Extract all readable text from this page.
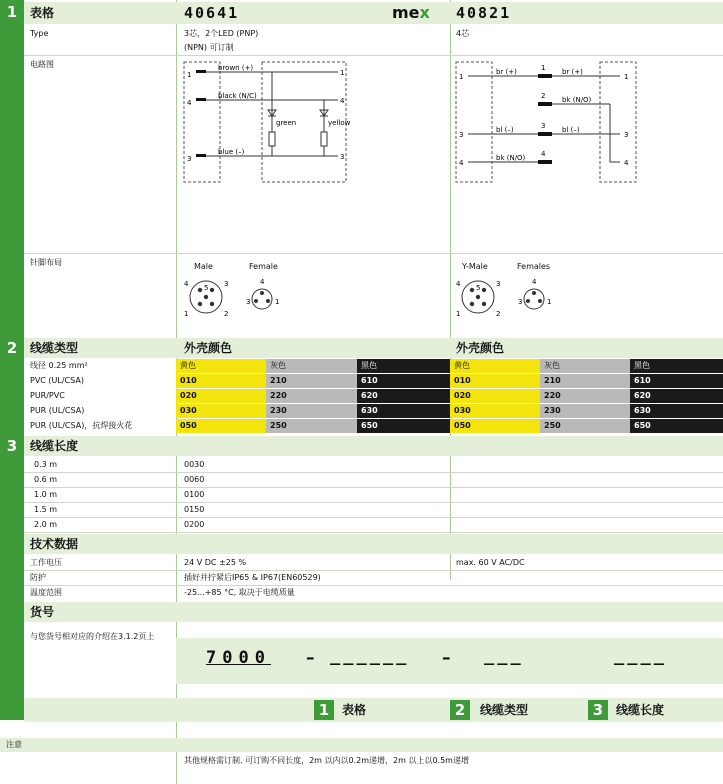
1	表格	40641	mex 40821
Type	3芯，2个LED (PNP)
(NPN) 可订制
4芯
电路图
1
4
3
brown (+)
black (N/C)
blue (–)
1
4
3
green	yellow
1
3
4
br (+)
bl (–)
bk (N/O)
br (+)
bk (N/O)
bl (–)
1
2
3
4
1
3
4
针脚布局	Male	Female
4 5 3
1	2
4
3	1
Y-Male	Females
4 5 3
1	2
4
3	1
2	线缆类型	外壳颜色	外壳颜色
线径 0.25 mm²	黄色	灰色	黑色	黄色	灰色	黑色
PVC (UL/CSA)	010	210	610	010	210	610
PUR/PVC	020	220	620	020	220	620
PUR (UL/CSA)	030	230	630	030	230	630
PUR (UL/CSA)，抗焊接火花	050	250	650	050	250	650
3	线缆长度
0.3 m	0030
0.6 m	0060
1.0 m	0100
1.5 m	0150
2.0 m	0200
技术数据
工作电压	24 V DC ±25 %	max. 60 V AC/DC
防护	插好并拧紧后IP65 & IP67(EN60529)
温度范围	-25...+85 °C, 取决于电缆质量
货号
与您货号相对应的介绍在3.1.2页上
7000 – ______ – ___	____
1	表格	2	线缆类型	3	线缆长度
注意
其他规格需订制. 可订购不同长度，2m 以内以0.2m递增，2m 以上以0.5m递增
